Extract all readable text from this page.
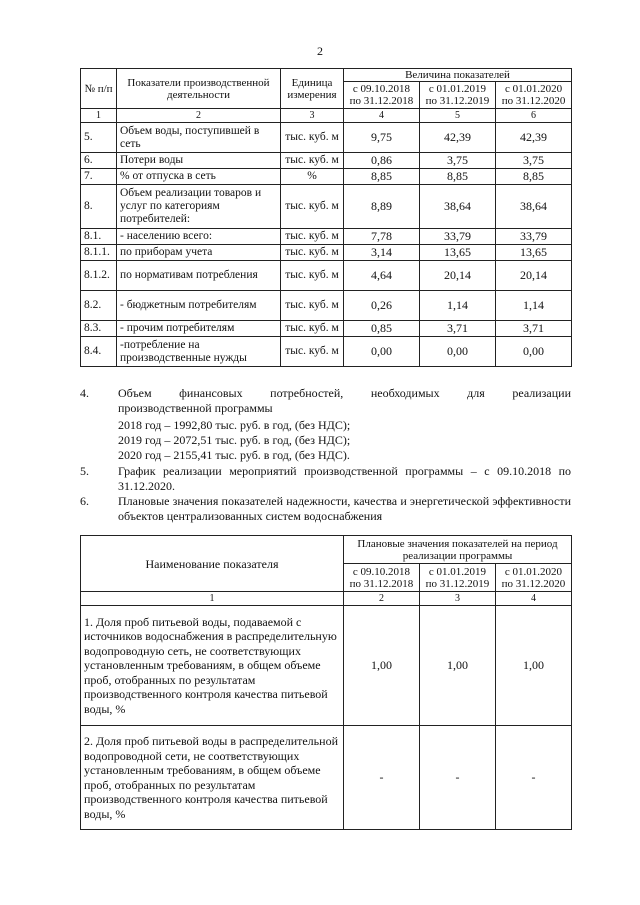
2
№ п/п	Показатели производственной деятельности	Единица измерения	Величина показателей		
			с 09.10.2018 по 31.12.2018	с 01.01.2019 по 31.12.2019	с 01.01.2020 по 31.12.2020
1	2	3	4	5	6
5.	Объем воды, поступившей в сеть	тыс. куб. м	9,75	42,39	42,39
6.	Потери воды	тыс. куб. м	0,86	3,75	3,75
7.	% от отпуска в сеть	%	8,85	8,85	8,85
8.	Объем реализации товаров и услуг по категориям потребителей:	тыс. куб. м	8,89	38,64	38,64
8.1.	- населению всего:	тыс. куб. м	7,78	33,79	33,79
8.1.1.	по приборам учета	тыс. куб. м	3,14	13,65	13,65
8.1.2.	по нормативам потребления	тыс. куб. м	4,64	20,14	20,14
8.2.	- бюджетным потребителям	тыс. куб. м	0,26	1,14	1,14
8.3.	- прочим потребителям	тыс. куб. м	0,85	3,71	3,71
8.4.	-потребление на производственные нужды	тыс. куб. м	0,00	0,00	0,00
4. Объем финансовых потребностей, необходимых для реализации
производственной программы
2018 год – 1992,80 тыс. руб. в год, (без НДС);
2019 год – 2072,51 тыс. руб. в год, (без НДС);
2020 год – 2155,41 тыс. руб. в год, (без НДС).
5. График реализации мероприятий производственной программы – с 09.10.2018 по 31.12.2020.
6. Плановые значения показателей надежности, качества и энергетической эффективности объектов централизованных систем водоснабжения
Наименование показателя	Плановые значения показателей на период реализации программы		
	с 09.10.2018 по 31.12.2018	с 01.01.2019 по 31.12.2019	с 01.01.2020 по 31.12.2020
1	2	3	4
1. Доля проб питьевой воды, подаваемой с источников водоснабжения в распределительную водопроводную сеть, не соответствующих установленным требованиям, в общем объеме проб, отобранных по результатам производственного контроля качества питьевой воды, %	1,00	1,00	1,00
2. Доля проб питьевой воды в распределительной водопроводной сети, не соответствующих установленным требованиям, в общем объеме проб, отобранных по результатам производственного контроля качества питьевой воды, %	-	-	-
